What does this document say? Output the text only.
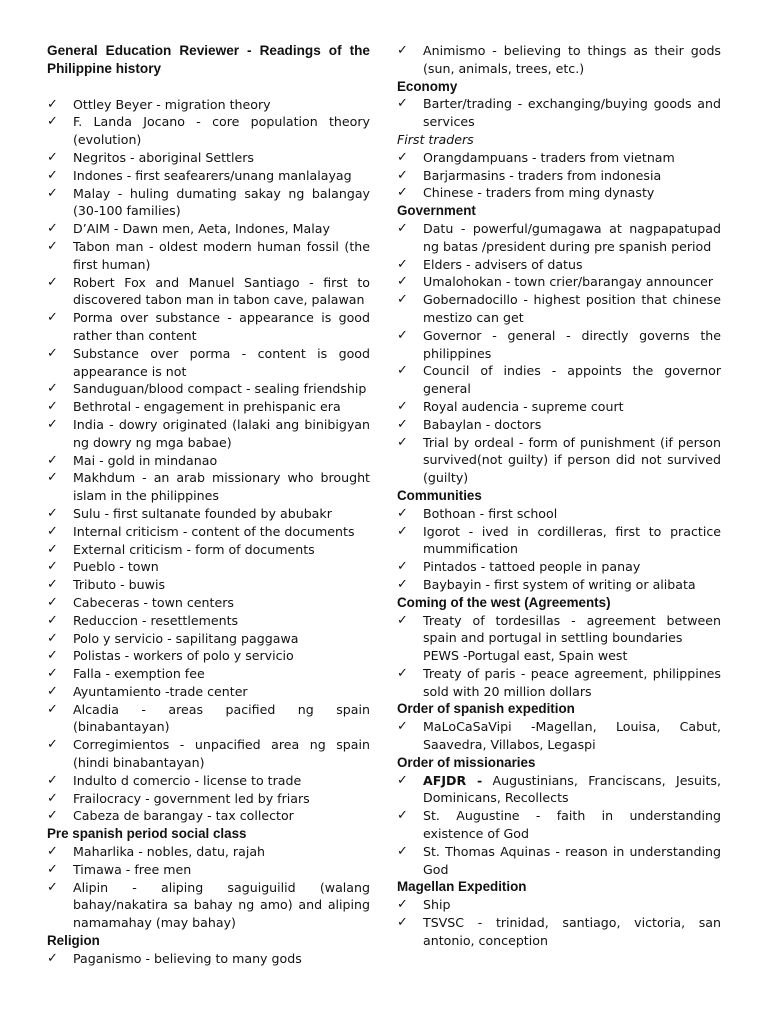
General Education Reviewer - Readings of the Philippine history
✓	Ottley Beyer - migration theory
✓	F. Landa Jocano - core population theory (evolution)
✓	Negritos - aboriginal Settlers
✓	Indones - first seafearers/unang manlalayag
✓	Malay - huling dumating sakay ng balangay (30-100 families)
✓	D’AIM - Dawn men, Aeta, Indones, Malay
✓	Tabon man - oldest modern human fossil (the first human)
✓	Robert Fox and Manuel Santiago - first to discovered tabon man in tabon cave, palawan
✓	Porma over substance - appearance is good rather than content
✓	Substance over porma - content is good appearance is not
✓	Sanduguan/blood compact - sealing friendship
✓	Bethrotal - engagement in prehispanic era
✓	India - dowry originated (lalaki ang binibigyan ng dowry ng mga babae)
✓	Mai - gold in mindanao
✓	Makhdum - an arab missionary who brought islam in the philippines
✓	Sulu - first sultanate founded by abubakr
✓	Internal criticism - content of the documents
✓	External criticism - form of documents
✓	Pueblo - town
✓	Tributo - buwis
✓	Cabeceras - town centers
✓	Reduccion - resettlements
✓	Polo y servicio - sapilitang paggawa
✓	Polistas - workers of polo y servicio
✓	Falla - exemption fee
✓	Ayuntamiento -trade center
✓	Alcadia - areas pacified ng spain (binabantayan)
✓	Corregimientos - unpacified area ng spain (hindi binabantayan)
✓	Indulto d comercio - license to trade
✓	Frailocracy - government led by friars
✓	Cabeza de barangay - tax collector
Pre spanish period social class
✓	Maharlika - nobles, datu, rajah
✓	Timawa - free men
✓	Alipin - aliping saguiguilid (walang bahay/nakatira sa bahay ng amo) and aliping namamahay (may bahay)
Religion
✓	Paganismo - believing to many gods
✓	Animismo - believing to things as their gods (sun, animals, trees, etc.)
Economy
✓	Barter/trading - exchanging/buying goods and services
First traders
✓	Orangdampuans - traders from vietnam
✓	Barjarmasins - traders from indonesia
✓	Chinese - traders from ming dynasty
Government
✓	Datu - powerful/gumagawa at nagpapatupad ng batas /president during pre spanish period
✓	Elders - advisers of datus
✓	Umalohokan - town crier/barangay announcer
✓	Gobernadocillo - highest position that chinese mestizo can get
✓	Governor - general - directly governs the philippines
✓	Council of indies - appoints the governor general
✓	Royal audencia - supreme court
✓	Babaylan - doctors
✓	Trial by ordeal - form of punishment (if person survived(not guilty) if person did not survived (guilty)
Communities
✓	Bothoan - first school
✓	Igorot - ived in cordilleras, first to practice mummification
✓	Pintados - tattoed people in panay
✓	Baybayin - first system of writing or alibata
Coming of the west (Agreements)
✓	Treaty of tordesillas - agreement between spain and portugal in settling boundaries
PEWS -Portugal east, Spain west
✓	Treaty of paris - peace agreement, philippines sold with 20 million dollars
Order of spanish expedition
✓	MaLoCaSaVipi -Magellan, Louisa, Cabut, Saavedra, Villabos, Legaspi
Order of missionaries
✓	AFJDR - Augustinians, Franciscans, Jesuits, Dominicans, Recollects
✓	St. Augustine - faith in understanding existence of God
✓	St. Thomas Aquinas - reason in understanding God
Magellan Expedition
✓	Ship
✓	TSVSC - trinidad, santiago, victoria, san antonio, conception
